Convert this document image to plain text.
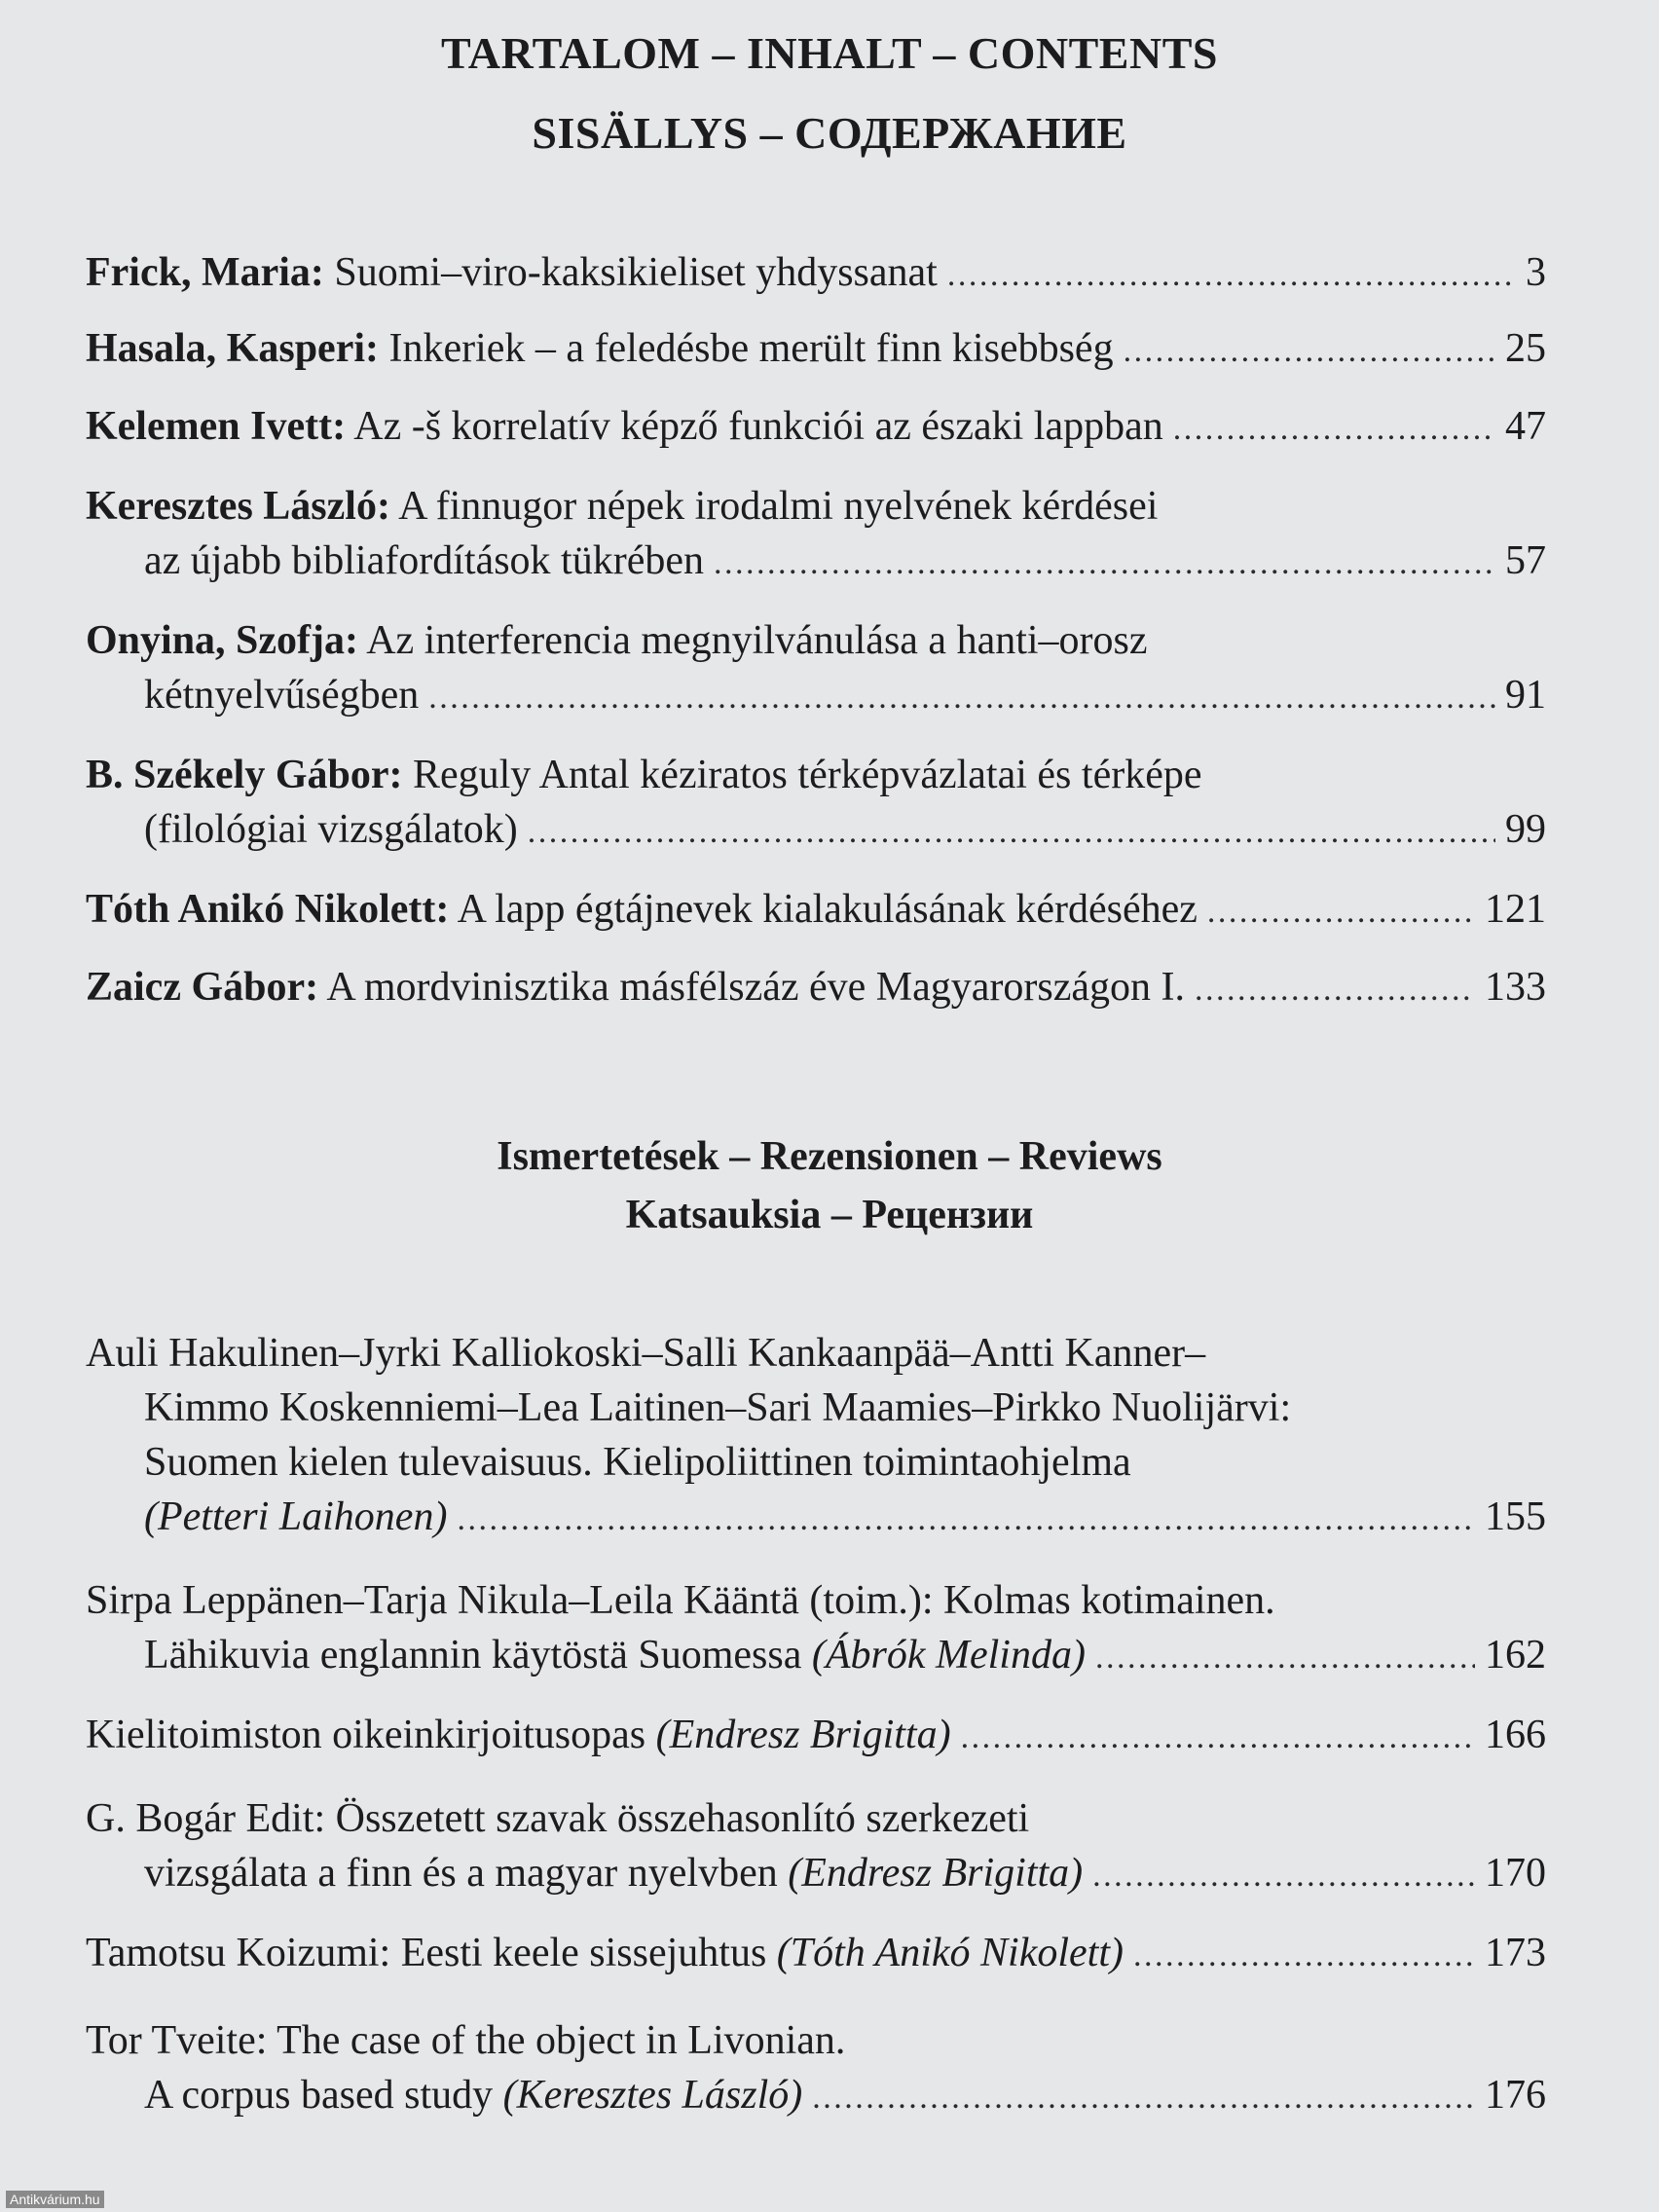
TARTALOM – INHALT – CONTENTS
SISÄLLYS – СОДЕРЖАНИЕ
Frick, Maria: Suomi–viro-kaksikieliset yhdyssanat . . .	3
Hasala, Kasperi: Inkeriek – a feledésbe merült finn kisebbség . . .	25
Kelemen Ivett: Az -š korrelatív képző funkciói az északi lappban . . .	47
Keresztes László: A finnugor népek irodalmi nyelvének kérdései
az újabb bibliafordítások tükrében . . .	57
Onyina, Szofja: Az interferencia megnyilvánulása a hanti–orosz
kétnyelvűségben . . .	91
B. Székely Gábor: Reguly Antal kéziratos térképvázlatai és térképe
(filológiai vizsgálatok) . . .	99
Tóth Anikó Nikolett: A lapp égtájnevek kialakulásának kérdéséhez . . .	121
Zaicz Gábor: A mordvinisztika másfélszáz éve Magyarországon I. . . .	133
Ismertetések – Rezensionen – Reviews
Katsauksia – Рецензии
Auli Hakulinen–Jyrki Kalliokoski–Salli Kankaanpää–Antti Kanner–
Kimmo Koskenniemi–Lea Laitinen–Sari Maamies–Pirkko Nuolijärvi:
Suomen kielen tulevaisuus. Kielipoliittinen toimintaohjelma
(Petteri Laihonen) . . .	155
Sirpa Leppänen–Tarja Nikula–Leila Kääntä (toim.): Kolmas kotimainen.
Lähikuvia englannin käytöstä Suomessa (Ábrók Melinda) . . .	162
Kielitoimiston oikeinkirjoitusopas (Endresz Brigitta) . . .	166
G. Bogár Edit: Összetett szavak összehasonlító szerkezeti
vizsgálata a finn és a magyar nyelvben (Endresz Brigitta) . . .	170
Tamotsu Koizumi: Eesti keele sissejuhtus (Tóth Anikó Nikolett) . . .	173
Tor Tveite: The case of the object in Livonian.
A corpus based study (Keresztes László) . . .	176
Antikvárium.hu
